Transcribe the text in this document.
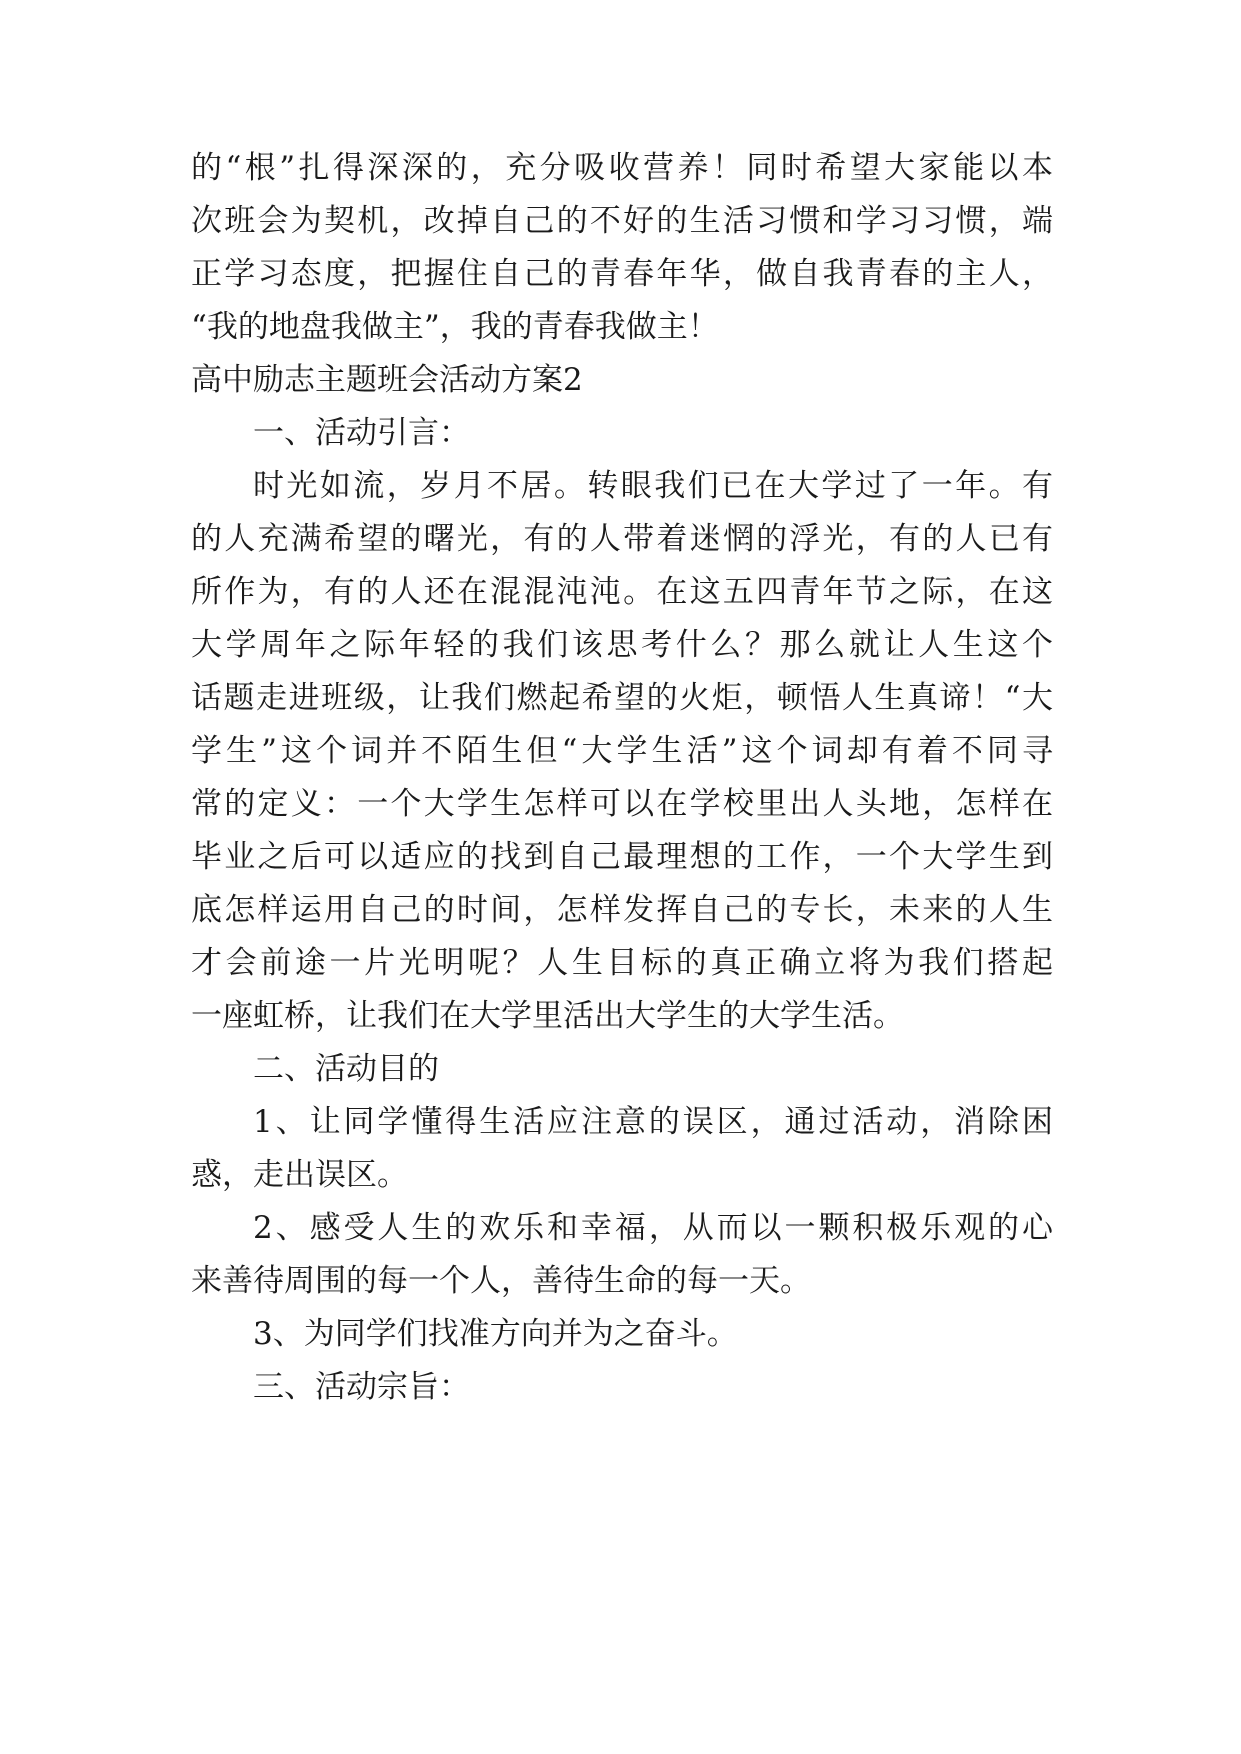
的“根”扎得深深的，充分吸收营养！同时希望大家能以本
次班会为契机，改掉自己的不好的生活习惯和学习习惯，端
正学习态度，把握住自己的青春年华，做自我青春的主人，
“我的地盘我做主”，我的青春我做主！
高中励志主题班会活动方案2
一、活动引言：
时光如流，岁月不居。转眼我们已在大学过了一年。有
的人充满希望的曙光，有的人带着迷惘的浮光，有的人已有
所作为，有的人还在混混沌沌。在这五四青年节之际，在这
大学周年之际年轻的我们该思考什么？那么就让人生这个
话题走进班级，让我们燃起希望的火炬，顿悟人生真谛！“大
学生”这个词并不陌生但“大学生活”这个词却有着不同寻
常的定义：一个大学生怎样可以在学校里出人头地，怎样在
毕业之后可以适应的找到自己最理想的工作，一个大学生到
底怎样运用自己的时间，怎样发挥自己的专长，未来的人生
才会前途一片光明呢？人生目标的真正确立将为我们搭起
一座虹桥，让我们在大学里活出大学生的大学生活。
二、活动目的
1、让同学懂得生活应注意的误区，通过活动，消除困
惑，走出误区。
2、感受人生的欢乐和幸福，从而以一颗积极乐观的心
来善待周围的每一个人，善待生命的每一天。
3、为同学们找准方向并为之奋斗。
三、活动宗旨：
